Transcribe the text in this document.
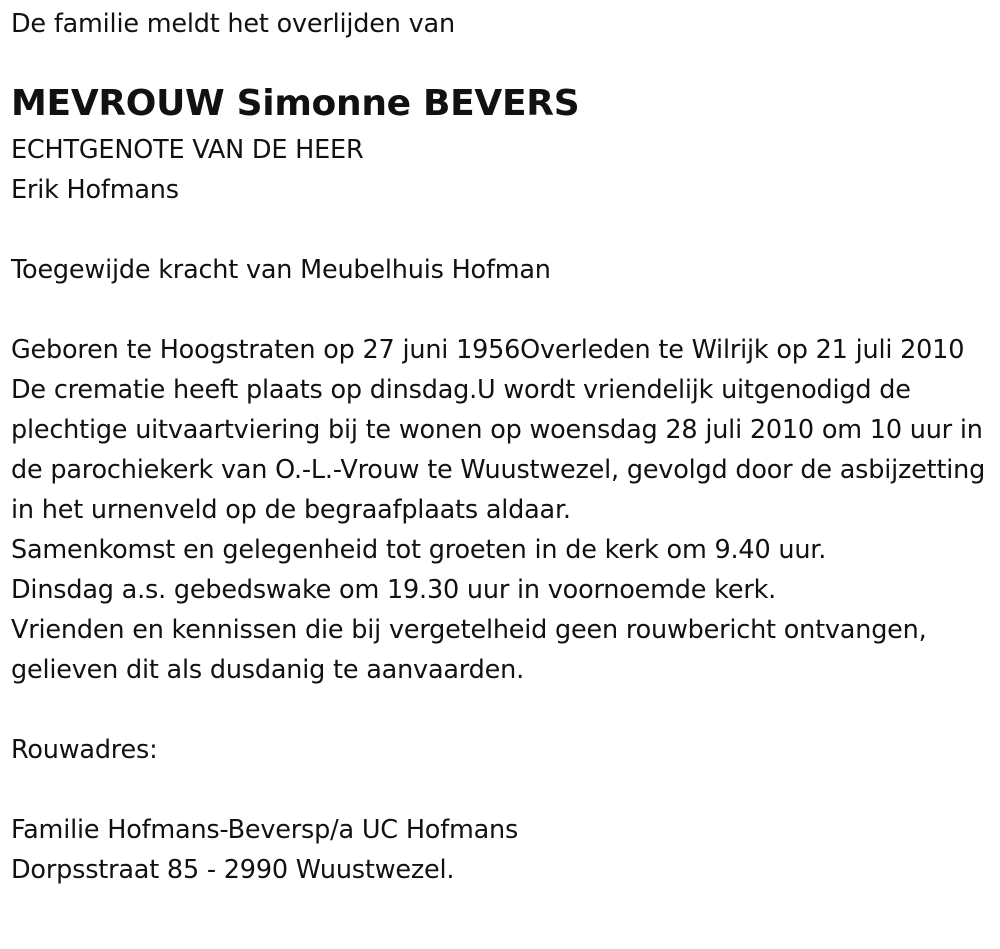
De familie meldt het overlijden van
MEVROUW Simonne BEVERS
ECHTGENOTE VAN DE HEER
Erik Hofmans
Toegewijde kracht van Meubelhuis Hofman
Geboren te Hoogstraten op 27 juni 1956Overleden te Wilrijk op 21 juli 2010
De crematie heeft plaats op dinsdag.U wordt vriendelijk uitgenodigd de plechtige uitvaartviering bij te wonen op woensdag 28 juli 2010 om 10 uur in de parochiekerk van O.-L.-Vrouw te Wuustwezel, gevolgd door de asbijzetting in het urnenveld op de begraafplaats aldaar.
Samenkomst en gelegenheid tot groeten in de kerk om 9.40 uur.
Dinsdag a.s. gebedswake om 19.30 uur in voornoemde kerk.
Vrienden en kennissen die bij vergetelheid geen rouwbericht ontvangen, gelieven dit als dusdanig te aanvaarden.
Rouwadres:
Familie Hofmans-Beversp/a UC Hofmans
Dorpsstraat 85 - 2990 Wuustwezel.
